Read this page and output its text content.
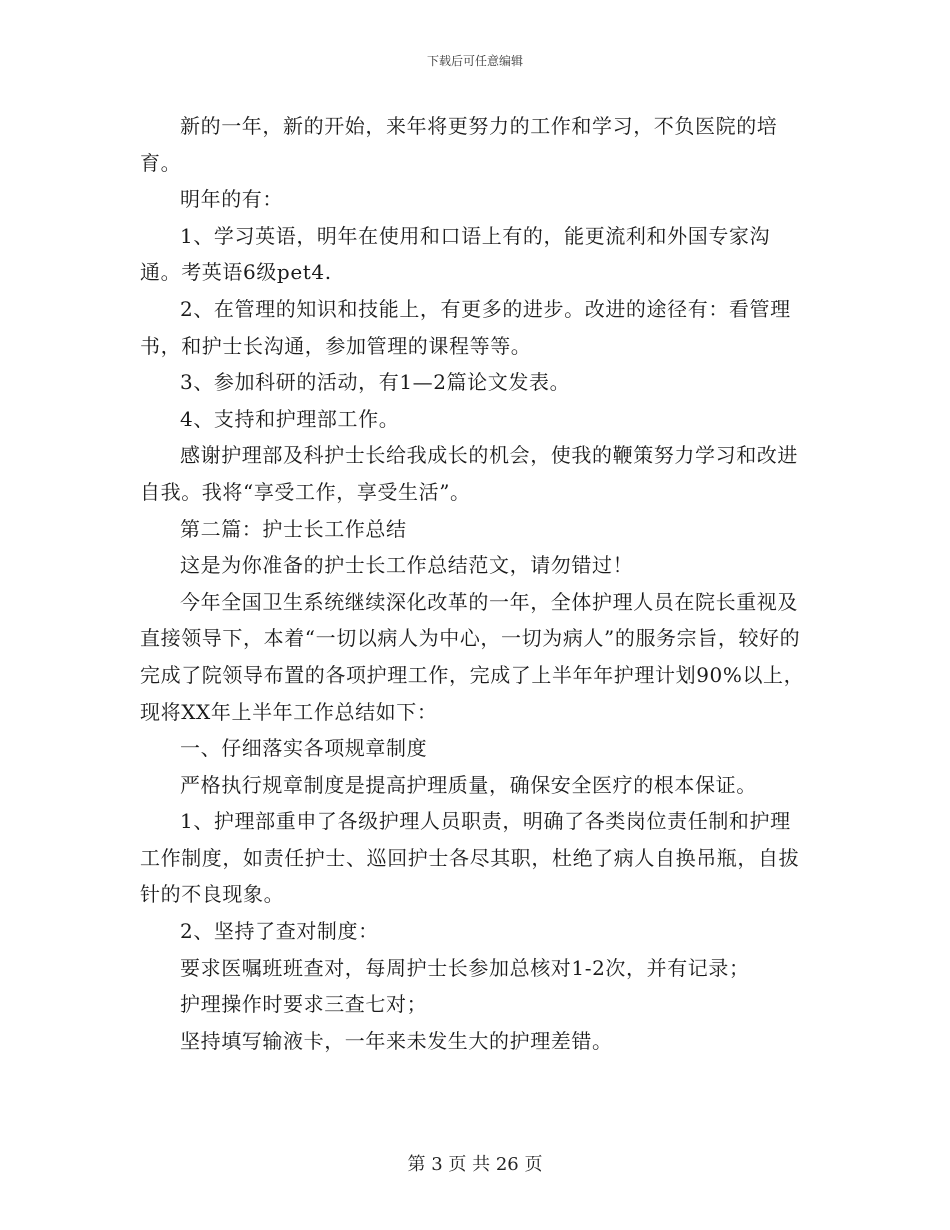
下载后可任意编辑

新的一年，新的开始，来年将更努力的工作和学习，不负医院的培育。

明年的有：

1、学习英语，明年在使用和口语上有的，能更流利和外国专家沟通。考英语6级pet4.

2、在管理的知识和技能上，有更多的进步。改进的途径有：看管理书，和护士长沟通，参加管理的课程等等。

3、参加科研的活动，有1—2篇论文发表。

4、支持和护理部工作。

感谢护理部及科护士长给我成长的机会，使我的鞭策努力学习和改进自我。我将“享受工作，享受生活”。

第二篇：护士长工作总结

这是为你准备的护士长工作总结范文，请勿错过！

今年全国卫生系统继续深化改革的一年，全体护理人员在院长重视及直接领导下，本着“一切以病人为中心，一切为病人”的服务宗旨，较好的完成了院领导布置的各项护理工作，完成了上半年年护理计划90%以上，现将XX年上半年工作总结如下：

一、仔细落实各项规章制度

严格执行规章制度是提高护理质量，确保安全医疗的根本保证。

1、护理部重申了各级护理人员职责，明确了各类岗位责任制和护理工作制度，如责任护士、巡回护士各尽其职，杜绝了病人自换吊瓶，自拔针的不良现象。

2、坚持了查对制度：

要求医嘱班班查对，每周护士长参加总核对1-2次，并有记录；

护理操作时要求三查七对；

坚持填写输液卡，一年来未发生大的护理差错。

第 3 页 共 26 页
